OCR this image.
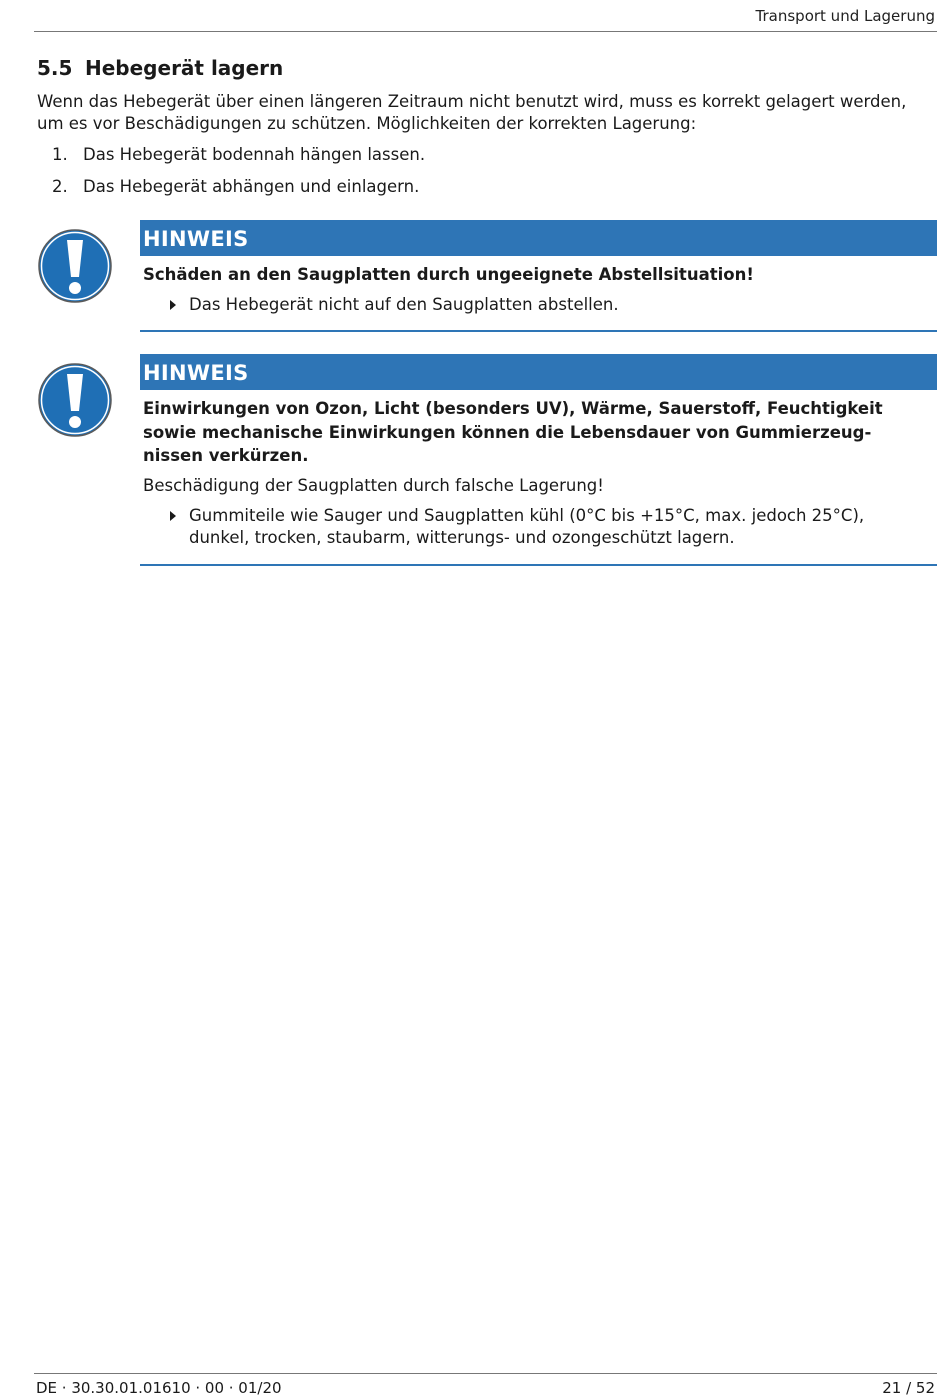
Transport und Lagerung
5.5 Hebegerät lagern

Wenn das Hebegerät über einen längeren Zeitraum nicht benutzt wird, muss es korrekt gelagert werden, um es vor Beschädigungen zu schützen. Möglichkeiten der korrekten Lagerung:

1. Das Hebegerät bodennah hängen lassen.
2. Das Hebegerät abhängen und einlagern.
HINWEIS
Schäden an den Saugplatten durch ungeeignete Abstellsituation!
Das Hebegerät nicht auf den Saugplatten abstellen.
HINWEIS
Einwirkungen von Ozon, Licht (besonders UV), Wärme, Sauerstoff, Feuchtigkeit sowie mechanische Einwirkungen können die Lebensdauer von Gummierzeugnissen verkürzen.
Beschädigung der Saugplatten durch falsche Lagerung!
Gummiteile wie Sauger und Saugplatten kühl (0°C bis +15°C, max. jedoch 25°C), dunkel, trocken, staubarm, witterungs- und ozongeschützt lagern.
DE · 30.30.01.01610 · 00 · 01/20	21 / 52
